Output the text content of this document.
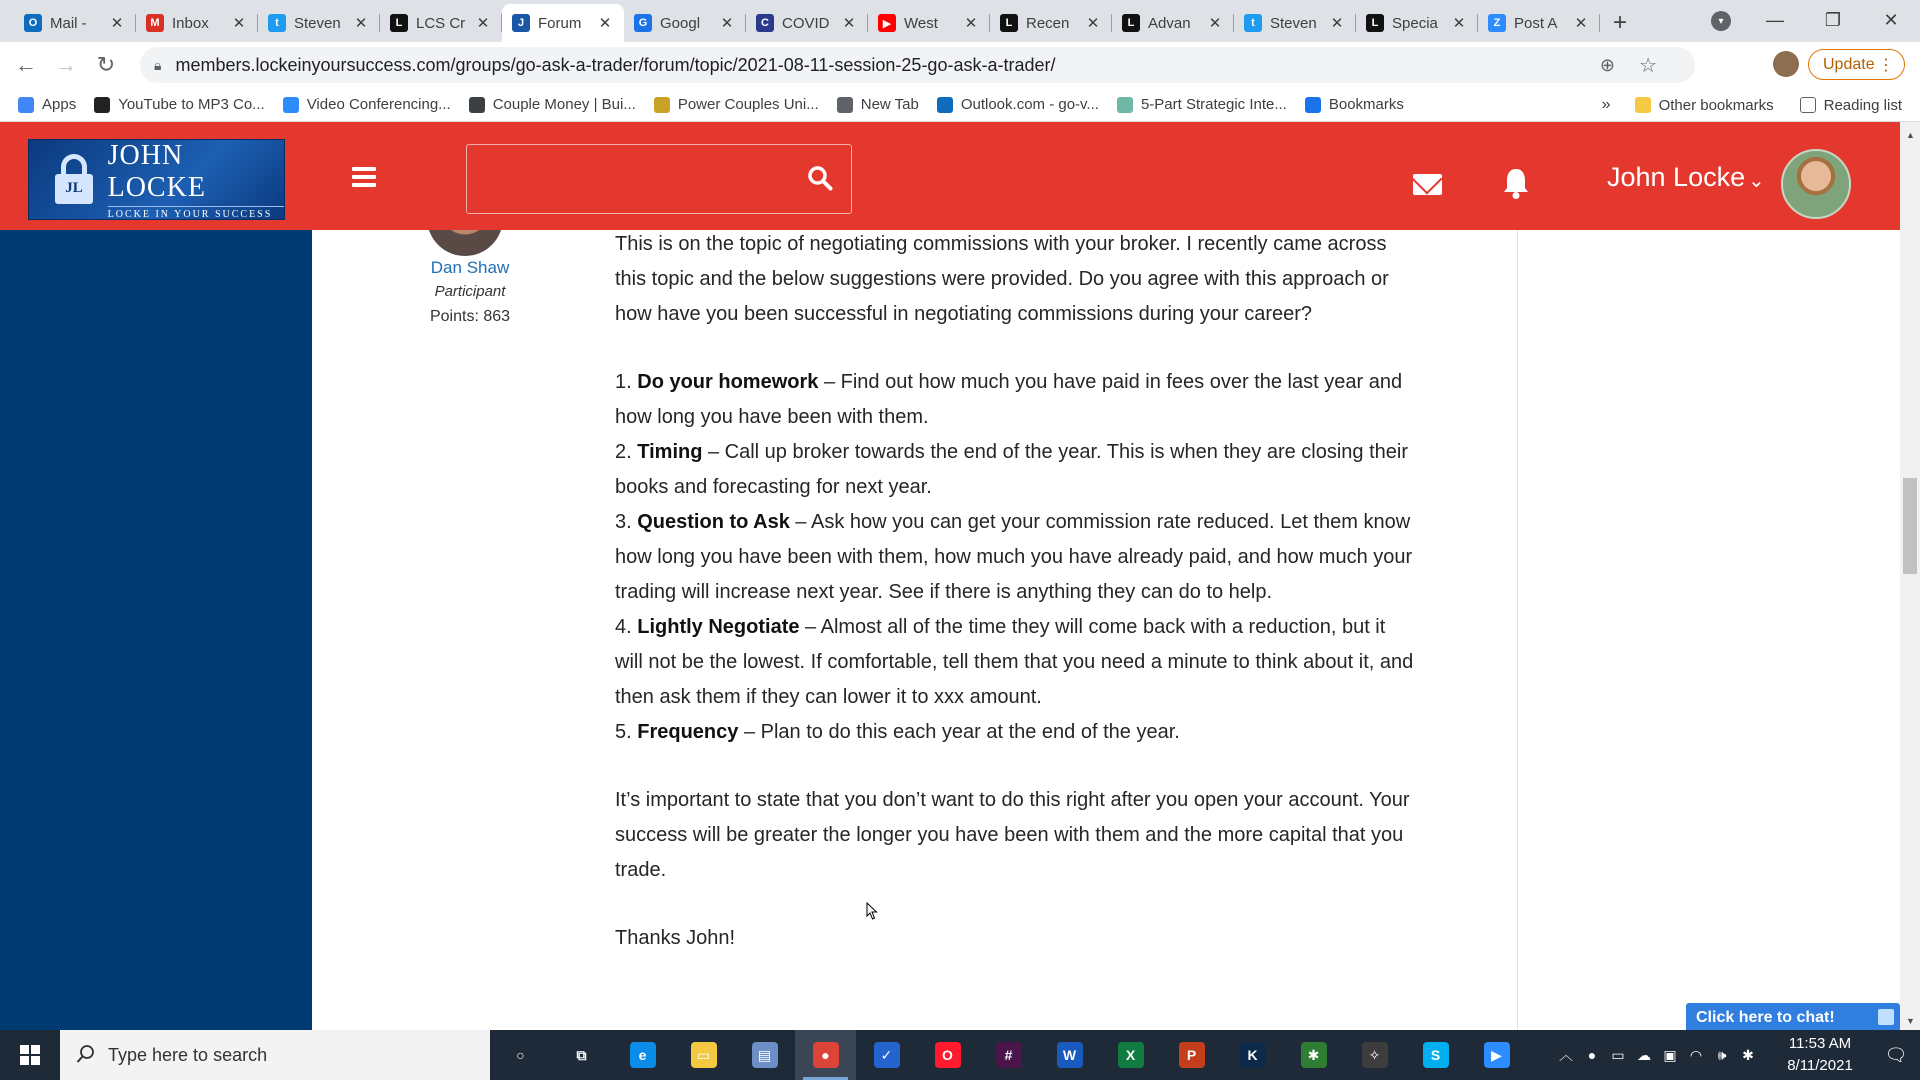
O Mail -	✕	M Inbox	✕	t	Steven ✕	L LCS Cr ✕	J Forum	✕	G Googl	✕	C COVID ✕	▶ West	✕	L Recen	✕	L Advan	✕	t	Steven ✕	L Specia ✕	Z Post A	✕	+	▾	—	❐	✕
← → ↻	🔒︎ members.lockeinyoursuccess.com/groups/go-ask-a-trader/forum/topic/2021-08-11-session-25-go-ask-a-trader/	⊕ ☆	Update ⋮
Apps	YouTube to MP3 Co...	Video Conferencing...	Couple Money | Bui...	Power Couples Uni...	New Tab	Outlook.com - go-v...	5-Part Strategic Inte...	Bookmarks	»	Other bookmarks	Reading list
JL
JOHN LOCKE
LOCKE IN YOUR SUCCESS
John Locke ⌄
Dan Shaw
Participant
Points: 863

This is on the topic of negotiating commissions with your broker. I recently came across this topic and the below suggestions were provided. Do you agree with this approach or how have you been successful in negotiating commissions during your career?

1. Do your homework – Find out how much you have paid in fees over the last year and how long you have been with them.

2. Timing – Call up broker towards the end of the year. This is when they are closing their books and forecasting for next year.

3. Question to Ask – Ask how you can get your commission rate reduced. Let them know how long you have been with them, how much you have already paid, and how much your trading will increase next year. See if there is anything they can do to help.

4. Lightly Negotiate – Almost all of the time they will come back with a reduction, but it will not be the lowest. If comfortable, tell them that you need a minute to think about it, and then ask them if they can lower it to xxx amount.

5. Frequency – Plan to do this each year at the end of the year.

It’s important to state that you don’t want to do this right after you open your account. Your success will be greater the longer you have been with them and the more capital that you trade.

Thanks John!

▲
▼
Click here to chat!
Type here to search	○	⧉	e	▭	▤	●	✓	O	#	W	X	P	K	✱	✧	S	▶	︿	●	▭ ☁ ▣ ◠	🕪︎	✱
11:53 AM
8/11/2021
🗨︎
